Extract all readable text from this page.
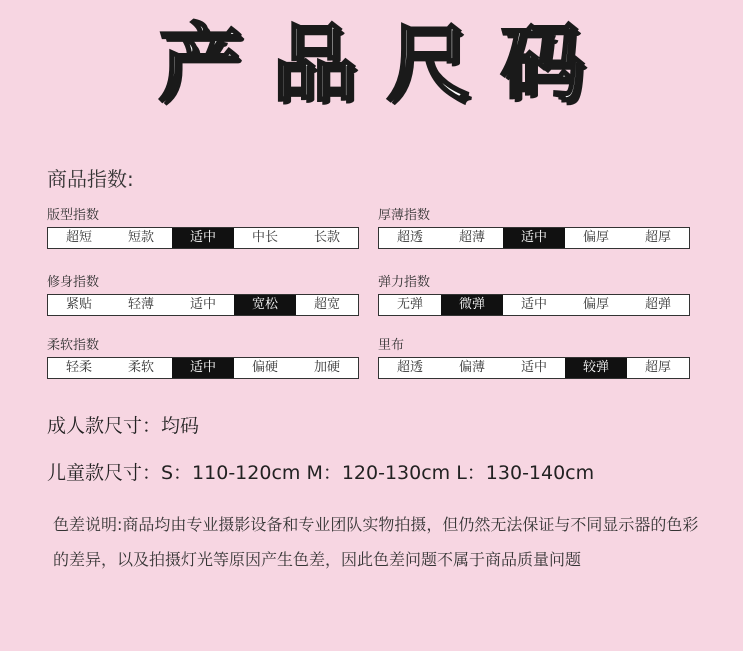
产 品 尺 码
商品指数:
版型指数
超短	短款	适中	中长	长款
厚薄指数
超透	超薄	适中	偏厚	超厚
修身指数
紧贴	轻薄	适中	宽松	超宽
弹力指数
无弹	微弹	适中	偏厚	超弹
柔软指数
轻柔	柔软	适中	偏硬	加硬
里布
超透	偏薄	适中	较弹	超厚
成人款尺寸：均码
儿童款尺寸：S：110-120cm M：120-130cm L：130-140cm
色差说明:商品均由专业摄影设备和专业团队实物拍摄，但仍然无法保证与不同显示器的色彩的差异，以及拍摄灯光等原因产生色差，因此色差问题不属于商品质量问题
